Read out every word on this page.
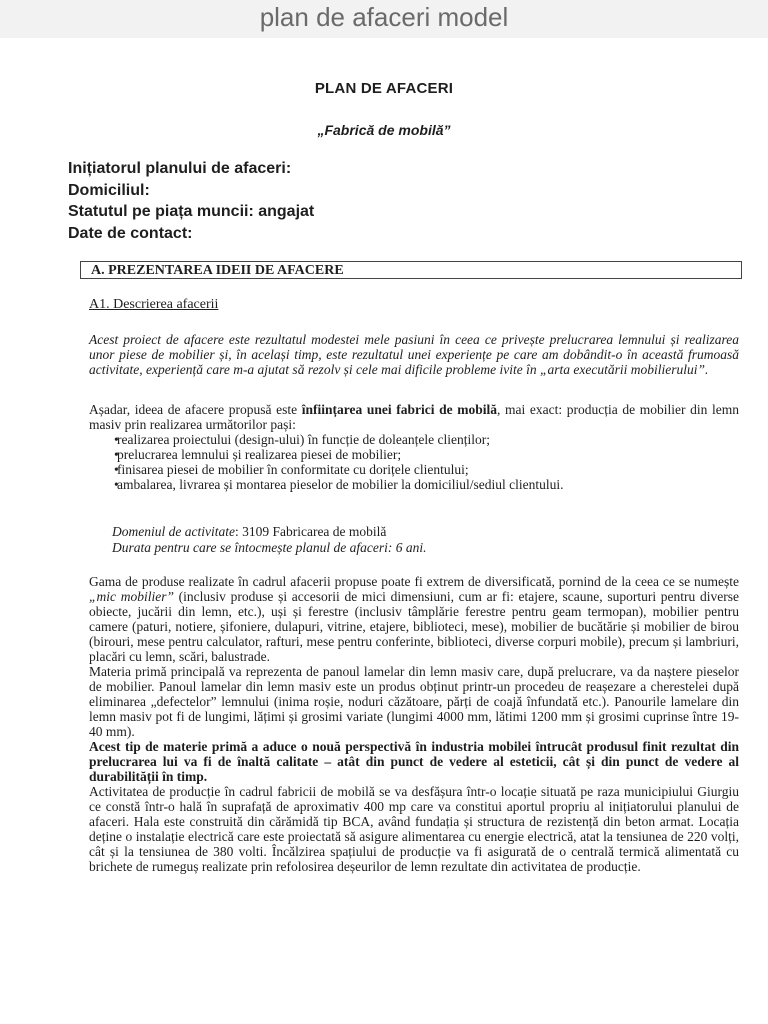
plan de afaceri model
PLAN DE AFACERI
„Fabrică de mobilă”
Inițiatorul planului de afaceri:
Domiciliul:
Statutul pe piața muncii: angajat
Date de contact:
A. PREZENTAREA IDEII DE AFACERE
A1. Descrierea afacerii
Acest proiect de afacere este rezultatul modestei mele pasiuni în ceea ce privește prelucrarea lemnului și realizarea unor piese de mobilier și, în același timp, este rezultatul unei experiențe pe care am dobândit-o în această frumoasă activitate, experiență care m-a ajutat să rezolv și cele mai dificile probleme ivite în „arta executării mobilierului”.
Așadar, ideea de afacere propusă este înființarea unei fabrici de mobilă, mai exact: producția de mobilier din lemn masiv prin realizarea următorilor pași:
• realizarea proiectului (design-ului) în funcție de doleanțele clienților;
• prelucrarea lemnului și realizarea piesei de mobilier;
• finisarea piesei de mobilier în conformitate cu dorițele clientului;
• ambalarea, livrarea și montarea pieselor de mobilier la domiciliul/sediul clientului.
Domeniul de activitate: 3109 Fabricarea de mobilă
Durata pentru care se întocmește planul de afaceri: 6 ani.
Gama de produse realizate în cadrul afacerii propuse poate fi extrem de diversificată, pornind de la ceea ce se numește „mic mobilier” (inclusiv produse și accesorii de mici dimensiuni, cum ar fi: etajere, scaune, suporturi pentru diverse obiecte, jucării din lemn, etc.), uși și ferestre (inclusiv tâmplărie ferestre pentru geam termopan), mobilier pentru camere (paturi, notiere, șifoniere, dulapuri, vitrine, etajere, biblioteci, mese), mobilier de bucătărie și mobilier de birou (birouri, mese pentru calculator, rafturi, mese pentru conferinte, biblioteci, diverse corpuri mobile), precum și lambriuri, placări cu lemn, scări, balustrade.
Materia primă principală va reprezenta de panoul lamelar din lemn masiv care, după prelucrare, va da naștere pieselor de mobilier. Panoul lamelar din lemn masiv este un produs obținut printr-un procedeu de reașezare a cherestelei după eliminarea „defectelor” lemnului (inima roșie, noduri căzătoare, părți de coajă înfundată etc.). Panourile lamelare din lemn masiv pot fi de lungimi, lățimi și grosimi variate (lungimi 4000 mm, lătimi 1200 mm și grosimi cuprinse între 19-40 mm).
Acest tip de materie primă a aduce o nouă perspectivă în industria mobilei întrucât produsul finit rezultat din prelucrarea lui va fi de înaltă calitate – atât din punct de vedere al esteticii, cât și din punct de vedere al durabilității în timp.
Activitatea de producție în cadrul fabricii de mobilă se va desfășura într-o locație situată pe raza municipiului Giurgiu ce constă într-o hală în suprafață de aproximativ 400 mp care va constitui aportul propriu al inițiatorului planului de afaceri. Hala este construită din cărămidă tip BCA, având fundația și structura de rezistență din beton armat. Locația deține o instalație electrică care este proiectată să asigure alimentarea cu energie electrică, atat la tensiunea de 220 volți, cât și la tensiunea de 380 volti. Încălzirea spațiului de producție va fi asigurată de o centrală termică alimentată cu brichete de rumeguș realizate prin refolosirea deșeurilor de lemn rezultate din activitatea de producție.
